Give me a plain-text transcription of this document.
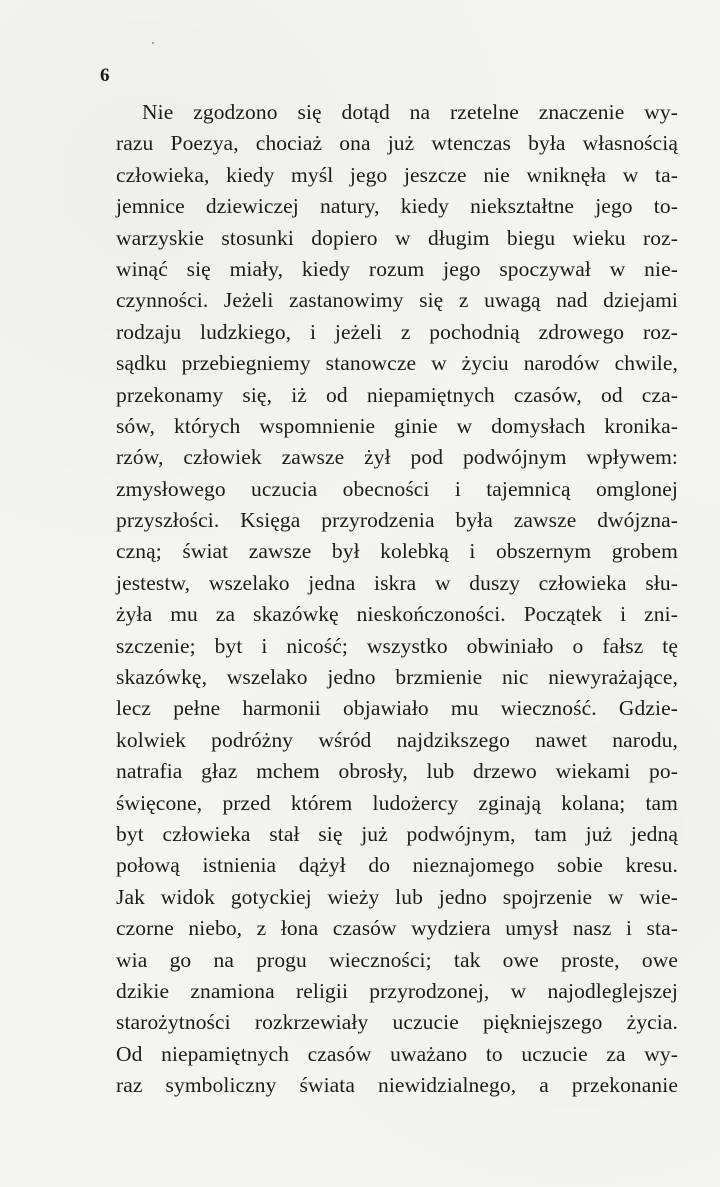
6
Nie zgodzono się dotąd na rzetelne znaczenie wy-
razu Poezya, chociaż ona już wtenczas była własnością
człowieka, kiedy myśl jego jeszcze nie wniknęła w ta-
jemnice dziewiczej natury, kiedy niekształtne jego to-
warzyskie stosunki dopiero w długim biegu wieku roz-
winąć się miały, kiedy rozum jego spoczywał w nie-
czynności. Jeżeli zastanowimy się z uwagą nad dziejami
rodzaju ludzkiego, i jeżeli z pochodnią zdrowego roz-
sądku przebiegniemy stanowcze w życiu narodów chwile,
przekonamy się, iż od niepamiętnych czasów, od cza-
sów, których wspomnienie ginie w domysłach kronika-
rzów, człowiek zawsze żył pod podwójnym wpływem:
zmysłowego uczucia obecności i tajemnicą omglonej
przyszłości. Księga przyrodzenia była zawsze dwójzna-
czną; świat zawsze był kolebką i obszernym grobem
jestestw, wszelako jedna iskra w duszy człowieka słu-
żyła mu za skazówkę nieskończoności. Początek i zni-
szczenie; byt i nicość; wszystko obwiniało o fałsz tę
skazówkę, wszelako jedno brzmienie nic niewyrażające,
lecz pełne harmonii objawiało mu wieczność. Gdzie-
kolwiek podróżny wśród najdzikszego nawet narodu,
natrafia głaz mchem obrosły, lub drzewo wiekami po-
święcone, przed którem ludożercy zginają kolana; tam
byt człowieka stał się już podwójnym, tam już jedną
połową istnienia dążył do nieznajomego sobie kresu.
Jak widok gotyckiej wieży lub jedno spojrzenie w wie-
czorne niebo, z łona czasów wydziera umysł nasz i sta-
wia go na progu wieczności; tak owe proste, owe
dzikie znamiona religii przyrodzonej, w najodleglejszej
starożytności rozkrzewiały uczucie piękniejszego życia.
Od niepamiętnych czasów uważano to uczucie za wy-
raz symboliczny świata niewidzialnego, a przekonanie
